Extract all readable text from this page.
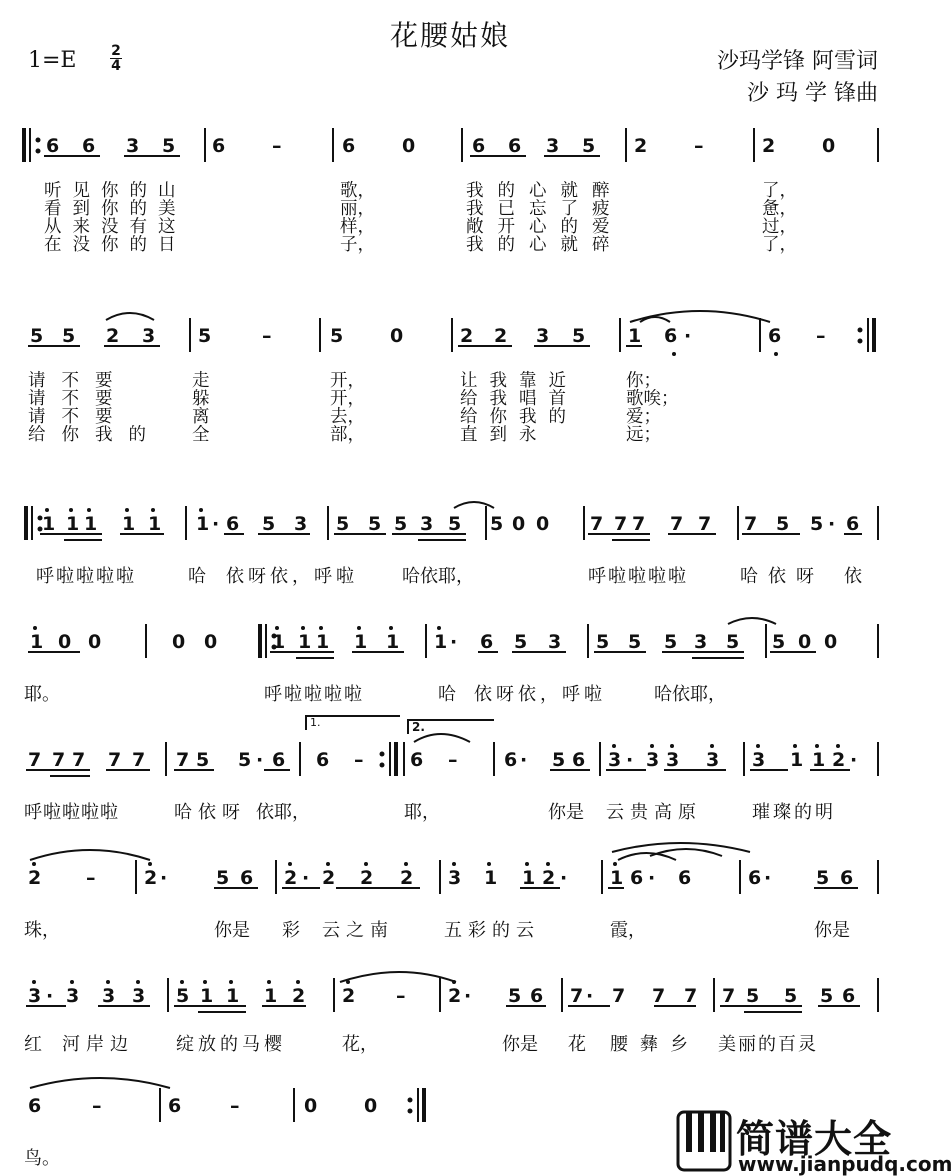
花腰姑娘
1=E 2
4	沙玛学锋 阿雪词
沙 玛 学 锋曲
6 6 3 5 6 –	6 0	6 6 3 5 2 –	2 0
5 5 2 3 5	–	5 0	2 2 3 5 1 6 ·	6 –
1 1 1 1 1 1 · 6 5 3 5 5 5 3 5 5 0 0 7 7 7 7 7 7 5 5 · 6
1 0 0	0 0	1 1 1 1 1 1 · 6 5 3 5 5 5 3 5 5 0 0
7 7 7 7 7 7 5 5 · 6 6 – 6 – 6 · 5 6 3 · 3 3 3 3 1 1 2 ·
2 –	2 ·	5 6 2 · 2 2 2 3 1 1 2 · 1 6 · 6	6 · 5 6
3 · 3 3 3 5 1 1 1 2 2 – 2 · 5 6 7 · 7 7 7 7 5 5 5 6
6	–	6	–	0 0
1.	2.
听见你的山	歌，	我的心就醉	了，
看到你的美	丽，	我已忘了疲	惫，
从来没有这	样，	敞开心的爱	过，
在没你的日	子，	我的心就碎	了，
请不要	走	开，	让我靠近	你；
请不要	躲	开，	给我唱首	歌唉；
请不要	离	去，	给你我的	爱；
给你我的 全	部，	直到永	远；
呼啦啦啦啦	哈 依呀依，呼啦 哈依耶，	呼啦啦啦啦	哈依呀 依
耶。	呼啦啦啦啦	哈 依呀依，呼啦	哈依耶，
呼啦啦啦啦	哈依呀 依耶，	耶，	你是 云贵高原	璀璨的明
珠，	你是 彩 云之南	五彩的云	霞，	你是
红 河岸边 绽放的马樱	花，	你是 花 腰彝乡 美丽的百灵
鸟。	简谱大全
www.jianpudq.com
